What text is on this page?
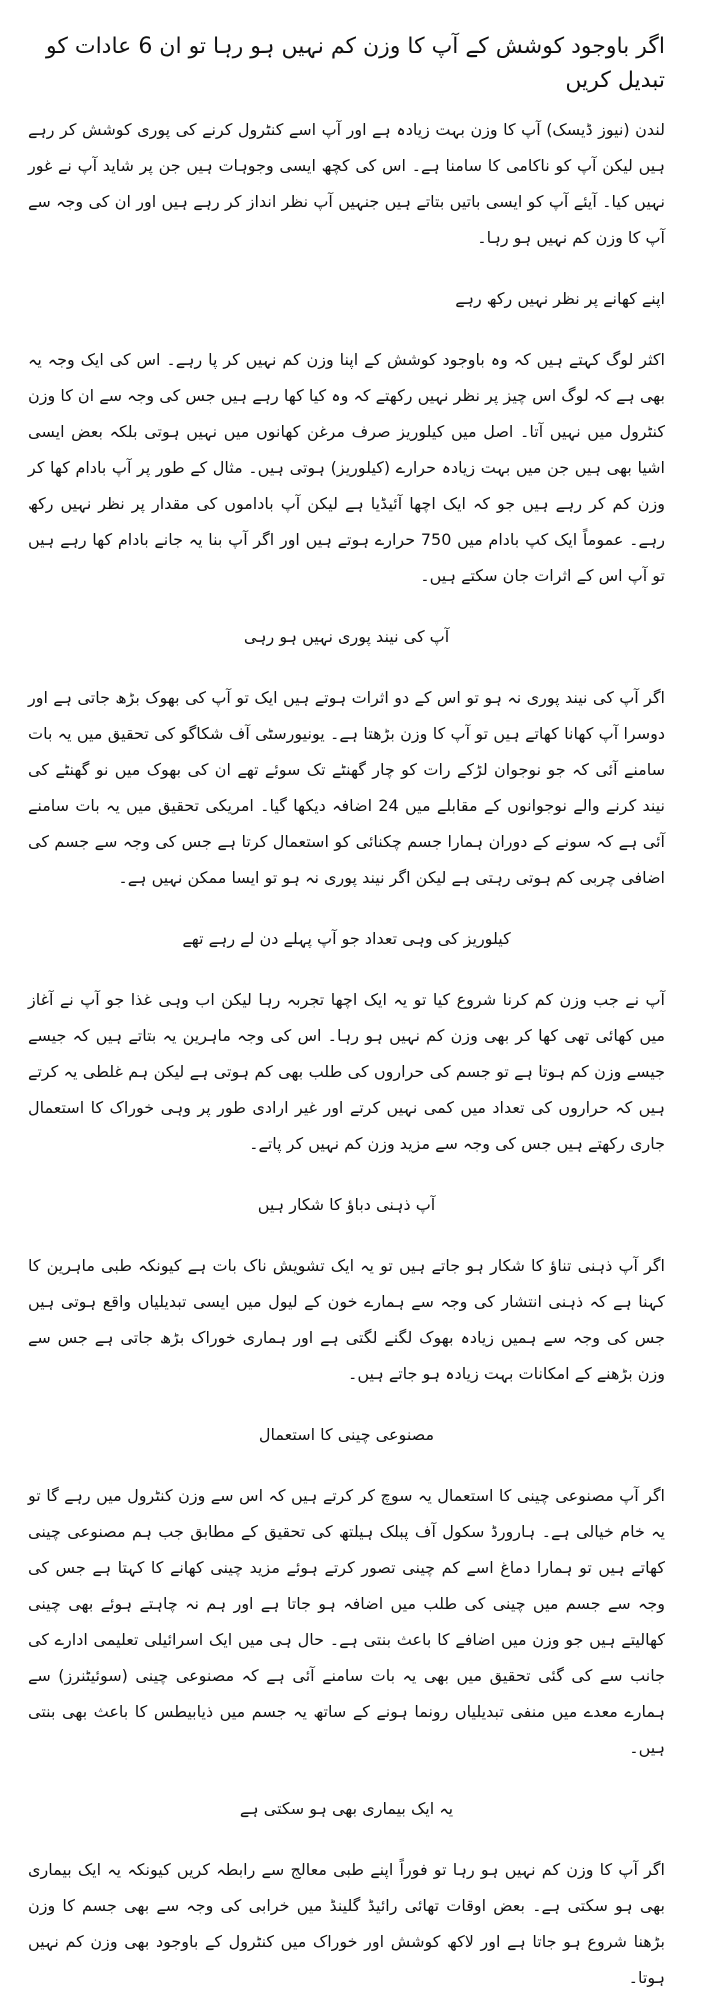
اگر باوجود کوشش کے آپ کا وزن کم نہیں ہو رہا تو ان 6 عادات کو تبدیل کریں

لندن (نیوز ڈیسک) آپ کا وزن بہت زیادہ ہے اور آپ اسے کنٹرول کرنے کی پوری کوشش کر رہے ہیں لیکن آپ کو ناکامی کا سامنا ہے۔ اس کی کچھ ایسی وجوہات ہیں جن پر شاید آپ نے غور نہیں کیا۔ آیئے آپ کو ایسی باتیں بتاتے ہیں جنہیں آپ نظر انداز کر رہے ہیں اور ان کی وجہ سے آپ کا وزن کم نہیں ہو رہا۔

اپنے کھانے پر نظر نہیں رکھ رہے

اکثر لوگ کہتے ہیں کہ وہ باوجود کوشش کے اپنا وزن کم نہیں کر پا رہے۔ اس کی ایک وجہ یہ بھی ہے کہ لوگ اس چیز پر نظر نہیں رکھتے کہ وہ کیا کھا رہے ہیں جس کی وجہ سے ان کا وزن کنٹرول میں نہیں آتا۔ اصل میں کیلوریز صرف مرغن کھانوں میں نہیں ہوتی بلکہ بعض ایسی اشیا بھی ہیں جن میں بہت زیادہ حرارے (کیلوریز) ہوتی ہیں۔ مثال کے طور پر آپ بادام کھا کر وزن کم کر رہے ہیں جو کہ ایک اچھا آئیڈیا ہے لیکن آپ باداموں کی مقدار پر نظر نہیں رکھ رہے۔ عموماً ایک کپ بادام میں 750 حرارے ہوتے ہیں اور اگر آپ بنا یہ جانے بادام کھا رہے ہیں تو آپ اس کے اثرات جان سکتے ہیں۔

آپ کی نیند پوری نہیں ہو رہی

اگر آپ کی نیند پوری نہ ہو تو اس کے دو اثرات ہوتے ہیں ایک تو آپ کی بھوک بڑھ جاتی ہے اور دوسرا آپ کھانا کھاتے ہیں تو آپ کا وزن بڑھتا ہے۔ یونیورسٹی آف شکاگو کی تحقیق میں یہ بات سامنے آئی کہ جو نوجوان لڑکے رات کو چار گھنٹے تک سوئے تھے ان کی بھوک میں نو گھنٹے کی نیند کرنے والے نوجوانوں کے مقابلے میں 24 اضافہ دیکھا گیا۔ امریکی تحقیق میں یہ بات سامنے آئی ہے کہ سونے کے دوران ہمارا جسم چکنائی کو استعمال کرتا ہے جس کی وجہ سے جسم کی اضافی چربی کم ہوتی رہتی ہے لیکن اگر نیند پوری نہ ہو تو ایسا ممکن نہیں ہے۔

کیلوریز کی وہی تعداد جو آپ پہلے دن لے رہے تھے

آپ نے جب وزن کم کرنا شروع کیا تو یہ ایک اچھا تجربہ رہا لیکن اب وہی غذا جو آپ نے آغاز میں کھائی تھی کھا کر بھی وزن کم نہیں ہو رہا۔ اس کی وجہ ماہرین یہ بتاتے ہیں کہ جیسے جیسے وزن کم ہوتا ہے تو جسم کی حراروں کی طلب بھی کم ہوتی ہے لیکن ہم غلطی یہ کرتے ہیں کہ حراروں کی تعداد میں کمی نہیں کرتے اور غیر ارادی طور پر وہی خوراک کا استعمال جاری رکھتے ہیں جس کی وجہ سے مزید وزن کم نہیں کر پاتے۔

آپ ذہنی دباؤ کا شکار ہیں

اگر آپ ذہنی تناؤ کا شکار ہو جاتے ہیں تو یہ ایک تشویش ناک بات ہے کیونکہ طبی ماہرین کا کہنا ہے کہ ذہنی انتشار کی وجہ سے ہمارے خون کے لیول میں ایسی تبدیلیاں واقع ہوتی ہیں جس کی وجہ سے ہمیں زیادہ بھوک لگنے لگتی ہے اور ہماری خوراک بڑھ جاتی ہے جس سے وزن بڑھنے کے امکانات بہت زیادہ ہو جاتے ہیں۔

مصنوعی چینی کا استعمال

اگر آپ مصنوعی چینی کا استعمال یہ سوچ کر کرتے ہیں کہ اس سے وزن کنٹرول میں رہے گا تو یہ خام خیالی ہے۔ ہارورڈ سکول آف پبلک ہیلتھ کی تحقیق کے مطابق جب ہم مصنوعی چینی کھاتے ہیں تو ہمارا دماغ اسے کم چینی تصور کرتے ہوئے مزید چینی کھانے کا کہتا ہے جس کی وجہ سے جسم میں چینی کی طلب میں اضافہ ہو جاتا ہے اور ہم نہ چاہتے ہوئے بھی چینی کھالیتے ہیں جو وزن میں اضافے کا باعث بنتی ہے۔ حال ہی میں ایک اسرائیلی تعلیمی ادارے کی جانب سے کی گئی تحقیق میں بھی یہ بات سامنے آئی ہے کہ مصنوعی چینی (سوئیٹنرز) سے ہمارے معدے میں منفی تبدیلیاں رونما ہونے کے ساتھ یہ جسم میں ذیابیطس کا باعث بھی بنتی ہیں۔

یہ ایک بیماری بھی ہو سکتی ہے

اگر آپ کا وزن کم نہیں ہو رہا تو فوراً اپنے طبی معالج سے رابطہ کریں کیونکہ یہ ایک بیماری بھی ہو سکتی ہے۔ بعض اوقات تھائی رائیڈ گلینڈ میں خرابی کی وجہ سے بھی جسم کا وزن بڑھنا شروع ہو جاتا ہے اور لاکھ کوشش اور خوراک میں کنٹرول کے باوجود بھی وزن کم نہیں ہوتا۔
